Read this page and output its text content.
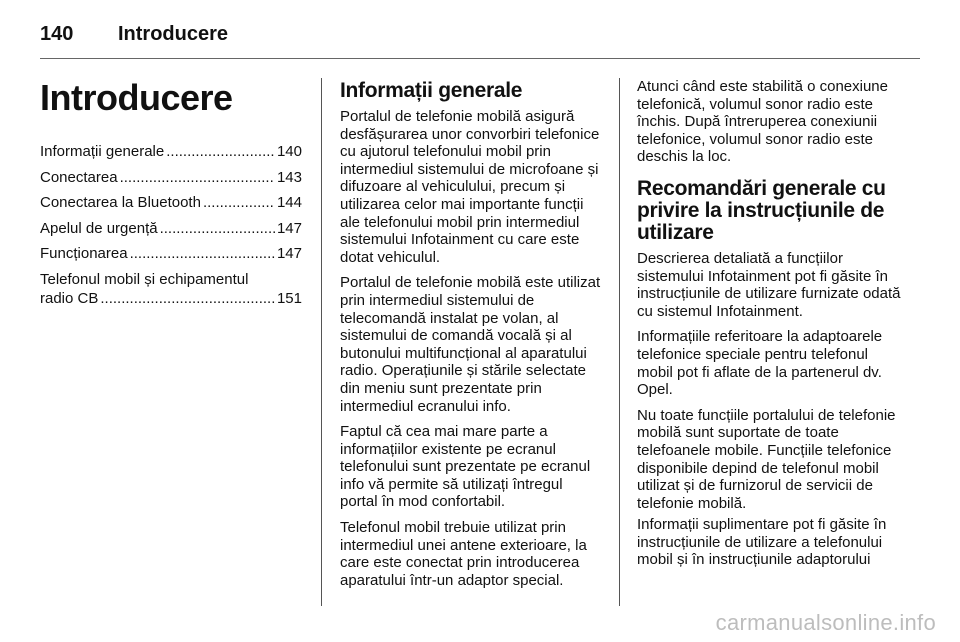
140 Introducere
Introducere
Informații generale .....	140
Conectarea .....	143
Conectarea la Bluetooth .....	144
Apelul de urgență .....	147
Funcționarea .....	147
Telefonul mobil și echipamentul
radio CB .....	151
Informații generale

Portalul de telefonie mobilă asigură desfășurarea unor convorbiri telefonice cu ajutorul telefonului mobil prin intermediul sistemului de microfoane și difuzoare al vehiculului, precum și utilizarea celor mai importante funcții ale telefonului mobil prin intermediul sistemului Infotainment cu care este dotat vehiculul.

Portalul de telefonie mobilă este utilizat prin intermediul sistemului de telecomandă instalat pe volan, al sistemului de comandă vocală și al butonului multifuncțional al aparatului radio. Operațiunile și stările selectate din meniu sunt prezentate prin intermediul ecranului info.

Faptul că cea mai mare parte a informațiilor existente pe ecranul telefonului sunt prezentate pe ecranul info vă permite să utilizați întregul portal în mod confortabil.

Telefonul mobil trebuie utilizat prin intermediul unei antene exterioare, la care este conectat prin introducerea aparatului într-un adaptor special.

Atunci când este stabilită o conexiune telefonică, volumul sonor radio este închis. După întreruperea conexiunii telefonice, volumul sonor radio este deschis la loc.

Recomandări generale cu privire la instrucțiunile de utilizare

Descrierea detaliată a funcțiilor sistemului Infotainment pot fi găsite în instrucțiunile de utilizare furnizate odată cu sistemul Infotainment.

Informațiile referitoare la adaptoarele telefonice speciale pentru telefonul mobil pot fi aflate de la partenerul dv. Opel.

Nu toate funcțiile portalului de telefonie mobilă sunt suportate de toate telefoanele mobile. Funcțiile telefonice disponibile depind de telefonul mobil utilizat și de furnizorul de servicii de telefonie mobilă.

Informații suplimentare pot fi găsite în instrucțiunile de utilizare a telefonului mobil și în instrucțiunile adaptorului

carmanualsonline.info
